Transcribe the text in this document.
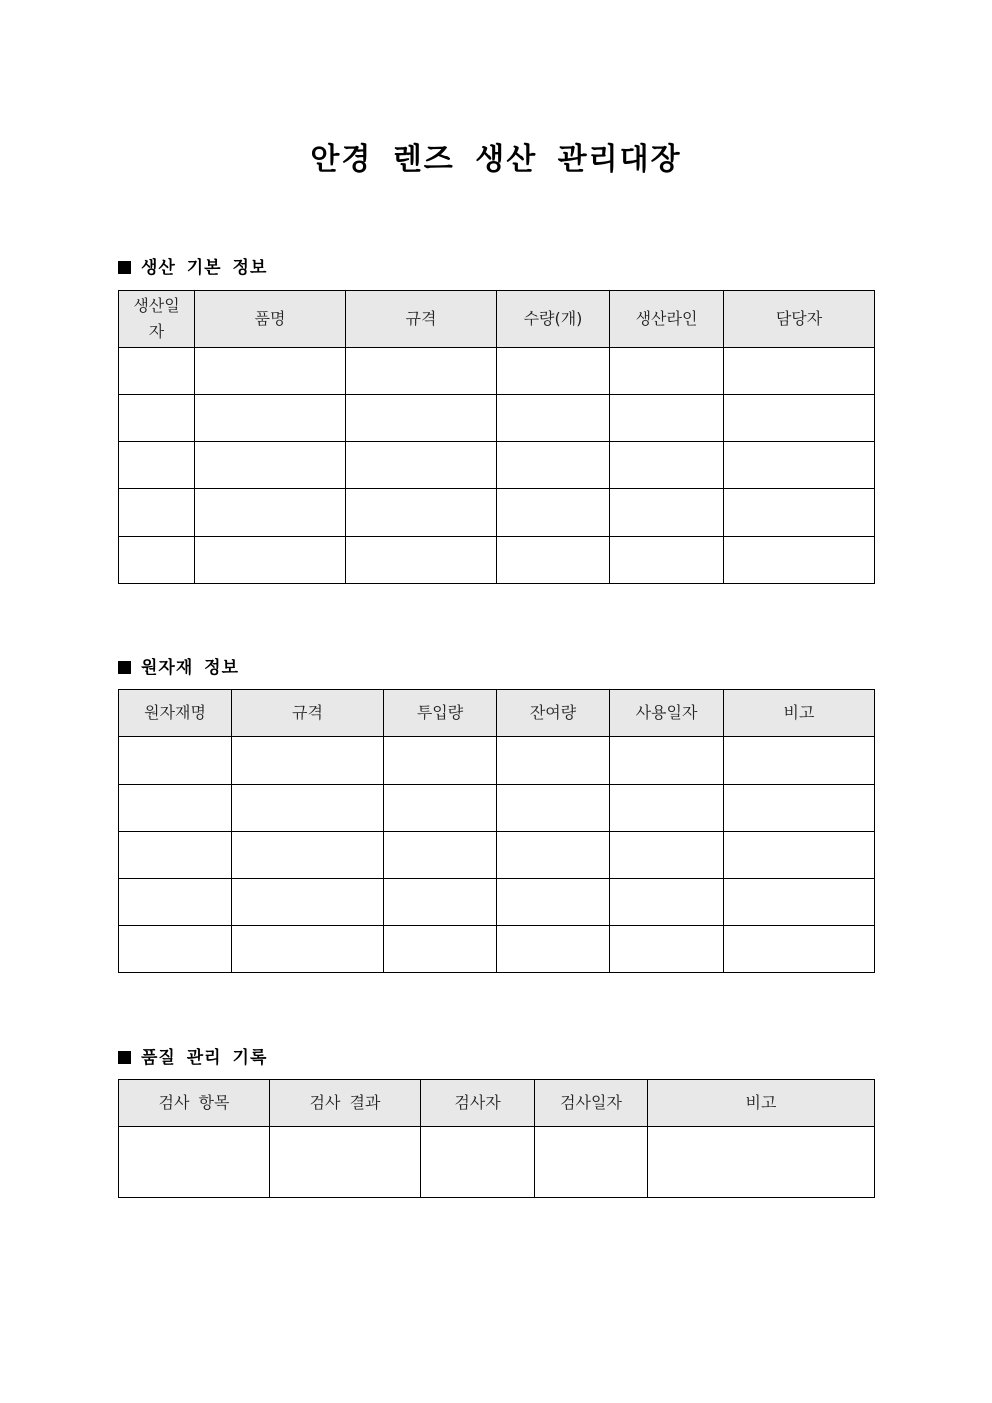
안경 렌즈 생산 관리대장
생산 기본 정보
생산일자	품명	규격	수량(개)	생산라인	담당자

원자재 정보
원자재명	규격	투입량	잔여량	사용일자	비고

품질 관리 기록
검사 항목	검사 결과	검사자	검사일자	비고
